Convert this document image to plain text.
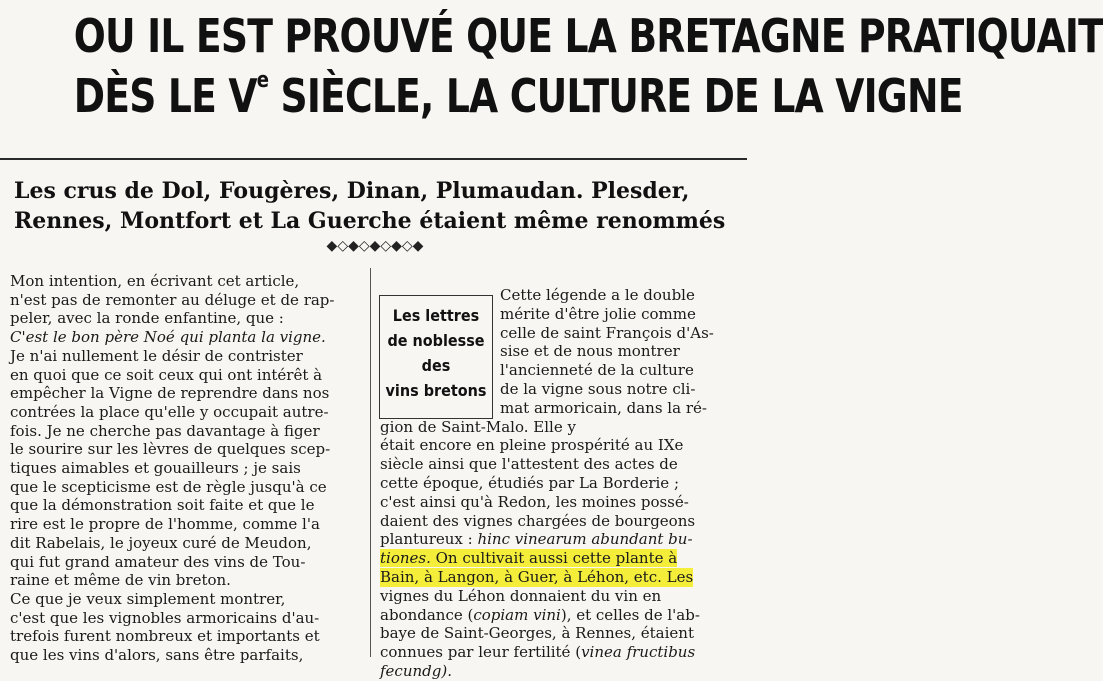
OU IL EST PROUVÉ QUE LA BRETAGNE PRATIQUAIT
DÈS LE Ve SIÈCLE, LA CULTURE DE LA VIGNE
Les crus de Dol, Fougères, Dinan, Plumaudan. Plesder,
Rennes, Montfort et La Guerche étaient même renommés
◆◇◆◇◆◇◆◇◆

Mon intention, en écrivant cet article,

n'est pas de remonter au déluge et de rap-

peler, avec la ronde enfantine, que :

C'est le bon père Noé qui planta la vigne.

Je n'ai nullement le désir de contrister

en quoi que ce soit ceux qui ont intérêt à

empêcher la Vigne de reprendre dans nos

contrées la place qu'elle y occupait autre-

fois. Je ne cherche pas davantage à figer

le sourire sur les lèvres de quelques scep-

tiques aimables et gouailleurs ; je sais

que le scepticisme est de règle jusqu'à ce

que la démonstration soit faite et que le

rire est le propre de l'homme, comme l'a

dit Rabelais, le joyeux curé de Meudon,

qui fut grand amateur des vins de Tou-

raine et même de vin breton.

Ce que je veux simplement montrer,

c'est que les vignobles armoricains d'au-

trefois furent nombreux et importants et

que les vins d'alors, sans être parfaits,

Les lettres
de noblesse
des
vins bretons
Cette légende a le double
mérite d'être jolie comme
celle de saint François d'As-
sise et de nous montrer
l'ancienneté de la culture
de la vigne sous notre cli-
mat armoricain, dans la ré-
gion de Saint-Malo. Elle y
était encore en pleine prospérité au IXe
siècle ainsi que l'attestent des actes de
cette époque, étudiés par La Borderie ;
c'est ainsi qu'à Redon, les moines possé-
daient des vignes chargées de bourgeons
plantureux : hinc vinearum abundant bu-
tiones. On cultivait aussi cette plante à
Bain, à Langon, à Guer, à Léhon, etc. Les
vignes du Léhon donnaient du vin en
abondance (copiam vini), et celles de l'ab-
baye de Saint-Georges, à Rennes, étaient
connues par leur fertilité (vinea fructibus
fecundg).
